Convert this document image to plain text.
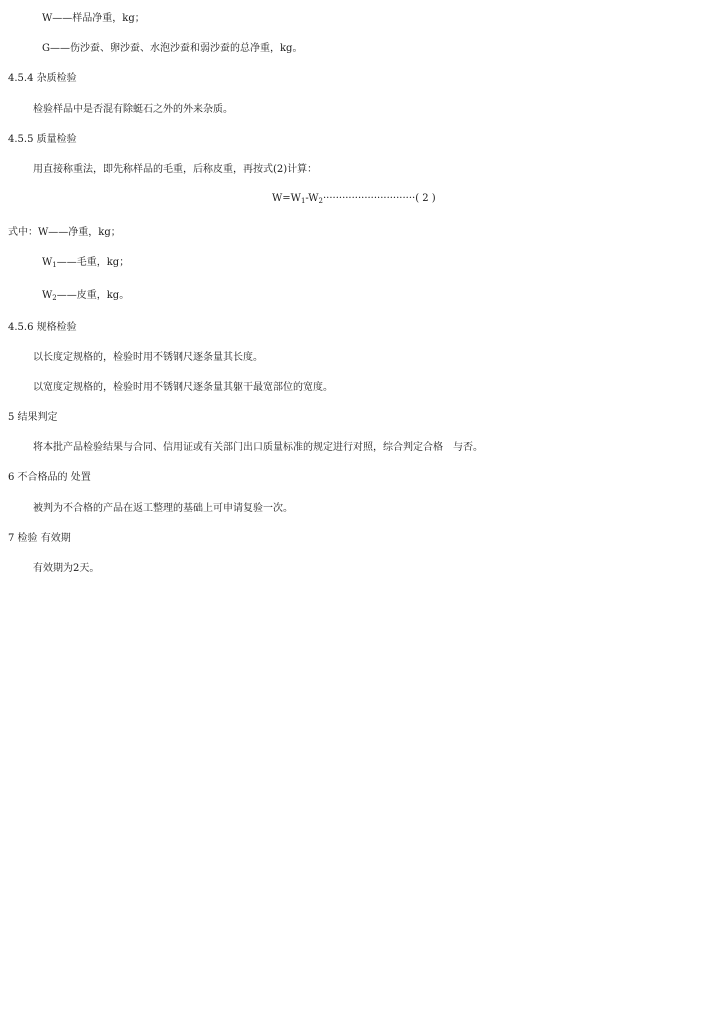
W——样品净重，kg；
G——伤沙蚕、卵沙蚕、水泡沙蚕和弱沙蚕的总净重，kg。
4.5.4 杂质检验
检验样品中是否混有除蜓石之外的外来杂质。
4.5.5 质量检验
用直接称重法，即先称样品的毛重，后称皮重，再按式(2)计算：
$W=W_1-W_2\cdot\cdot\cdot\cdot\cdot\cdot\cdot\cdot\cdot\cdot\cdot\cdot\cdot\cdot\cdot\cdot\cdot\cdot\cdot\cdot\cdot\cdot\cdot\cdot\cdot\cdot\cdot\cdot\cdot$( 2 )
式中：W——净重，kg；
$W_1——$毛重，kg；
$W_2——$皮重，kg。
4.5.6 规格检验
以长度定规格的，检验时用不锈钢尺逐条量其长度。
以宽度定规格的，检验时用不锈钢尺逐条量其躯干最宽部位的宽度。
5 结果判定
将本批产品检验结果与合同、信用证或有关部门出口质量标准的规定进行对照，综合判定合格　与否。
6 不合格品的 处置
被判为不合格的产品在返工整理的基础上可申请复验一次。
7 检验 有效期
有效期为2天。
